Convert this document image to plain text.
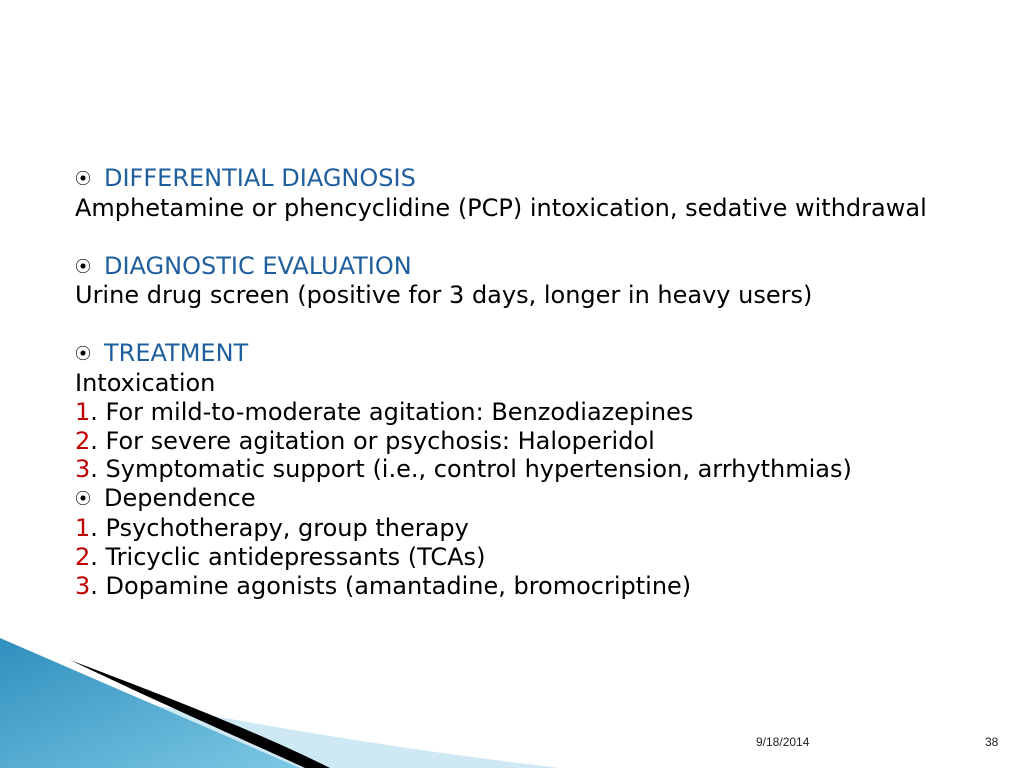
⦿ DIFFERENTIAL DIAGNOSIS

Amphetamine or phencyclidine (PCP) intoxication, sedative withdrawal

⦿ DIAGNOSTIC EVALUATION

Urine drug screen (positive for 3 days, longer in heavy users)

⦿ TREATMENT

Intoxication

1. For mild-to-moderate agitation: Benzodiazepines

2. For severe agitation or psychosis: Haloperidol

3. Symptomatic support (i.e., control hypertension, arrhythmias)

⦿ Dependence

1. Psychotherapy, group therapy

2. Tricyclic antidepressants (TCAs)

3. Dopamine agonists (amantadine, bromocriptine)

9/18/2014	38
